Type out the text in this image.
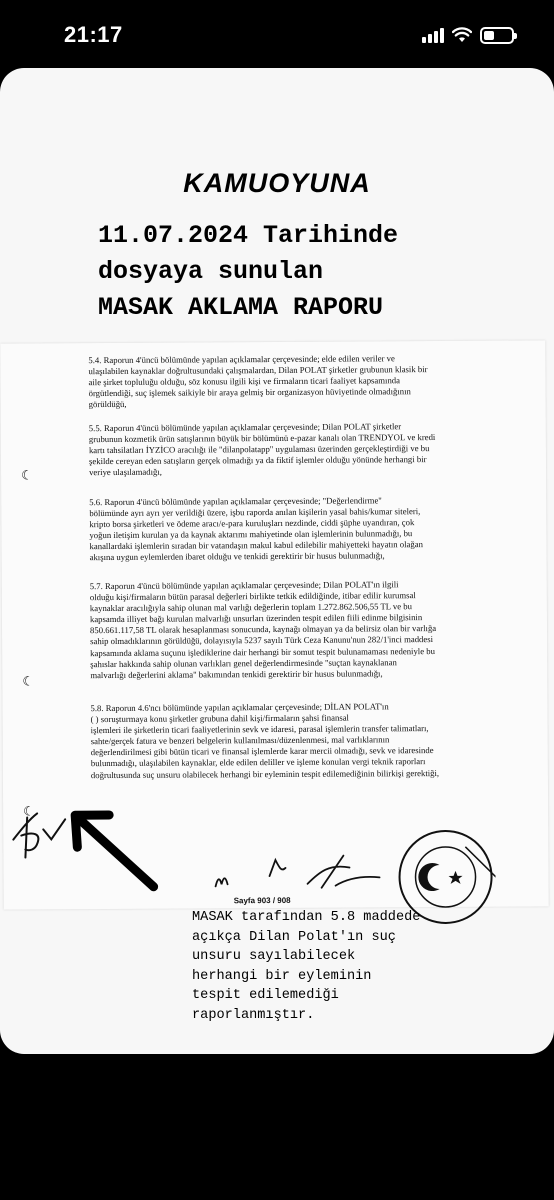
21:17
KAMUOYUNA
11.07.2024 Tarihinde
dosyaya sunulan
MASAK AKLAMA RAPORU
☾
☾
☾

5.4. Raporun 4'üncü bölümünde yapılan açıklamalar çerçevesinde; elde edilen veriler ve
ulaşılabilen kaynaklar doğrultusundaki çalışmalardan, Dilan POLAT şirketler grubunun klasik bir
aile şirket topluluğu olduğu, söz konusu ilgili kişi ve firmaların ticari faaliyet kapsamında
örgütlendiği, suç işlemek saikiyle bir araya gelmiş bir organizasyon hüviyetinde olmadığının
görüldüğü,

5.5. Raporun 4'üncü bölümünde yapılan açıklamalar çerçevesinde; Dilan POLAT şirketler
grubunun kozmetik ürün satışlarının büyük bir bölümünü e-pazar kanalı olan TRENDYOL ve kredi
kartı tahsilatları İYZİCO aracılığı ile "dilanpolatapp" uygulaması üzerinden gerçekleştirdiği ve bu
şekilde cereyan eden satışların gerçek olmadığı ya da fiktif işlemler olduğu yönünde herhangi bir
veriye ulaşılamadığı,

5.6. Raporun 4'üncü bölümünde yapılan açıklamalar çerçevesinde; "Değerlendirme"
bölümünde ayrı ayrı yer verildiği üzere, işbu raporda anılan kişilerin yasal bahis/kumar siteleri,
kripto borsa şirketleri ve ödeme aracı/e-para kuruluşları nezdinde, ciddi şüphe uyandıran, çok
yoğun iletişim kurulan ya da kaynak aktarımı mahiyetinde olan işlemlerinin bulunmadığı, bu
kanallardaki işlemlerin sıradan bir vatandaşın makul kabul edilebilir mahiyetteki hayatın olağan
akışına uygun eylemlerden ibaret olduğu ve tenkidi gerektirir bir husus bulunmadığı,

5.7. Raporun 4'üncü bölümünde yapılan açıklamalar çerçevesinde; Dilan POLAT'ın ilgili
olduğu kişi/firmaların bütün parasal değerleri birlikte tetkik edildiğinde, itibar edilir kurumsal
kaynaklar aracılığıyla sahip olunan mal varlığı değerlerin toplam 1.272.862.506,55 TL ve bu
kapsamda illiyet bağı kurulan malvarlığı unsurları üzerinden tespit edilen fiili edinme bilgisinin
850.661.117,58 TL olarak hesaplanması sonucunda, kaynağı olmayan ya da belirsiz olan bir varlığa
sahip olmadıklarının görüldüğü, dolayısıyla 5237 sayılı Türk Ceza Kanunu'nun 282/1'inci maddesi
kapsamında aklama suçunu işlediklerine dair herhangi bir somut tespit bulunamaması nedeniyle bu
şahıslar hakkında sahip olunan varlıkları genel değerlendirmesinde "suçtan kaynaklanan
malvarlığı değerlerini aklama" bakımından tenkidi gerektirir bir husus bulunmadığı,

5.8. Raporun 4.6'ncı bölümünde yapılan açıklamalar çerçevesinde; DİLAN POLAT'ın
( ) soruşturmaya konu şirketler grubuna dahil kişi/firmaların şahsi finansal
işlemleri ile şirketlerin ticari faaliyetlerinin sevk ve idaresi, parasal işlemlerin transfer talimatları,
sahte/gerçek fatura ve benzeri belgelerin kullanılması/düzenlenmesi, mal varlıklarının
değerlendirilmesi gibi bütün ticari ve finansal işlemlerde karar mercii olmadığı, sevk ve idaresinde
bulunmadığı, ulaşılabilen kaynaklar, elde edilen deliller ve işleme konulan vergi teknik raporları
doğrultusunda suç unsuru olabilecek herhangi bir eyleminin tespit edilemediğinin bilirkişi gerektiği,

Sayfa 903 / 908
MASAK tarafından 5.8 maddede
açıkça Dilan Polat'ın suç
unsuru sayılabilecek
herhangi bir eyleminin
tespit edilemediği
raporlanmıştır.
